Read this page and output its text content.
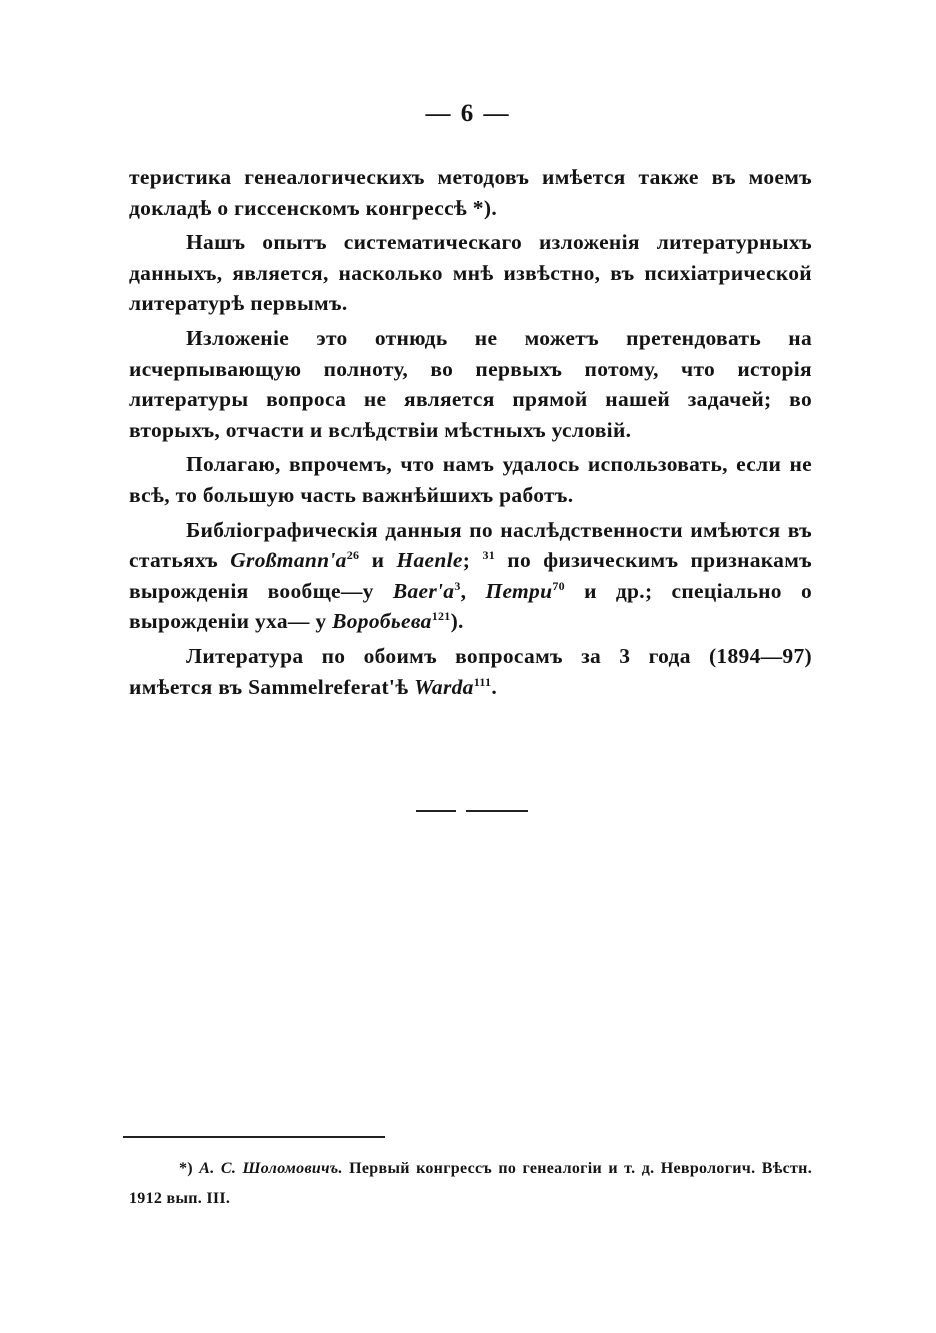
— 6 —

теристика генеалогическихъ методовъ имѣется также въ моемъ докладѣ о гиссенскомъ конгрессѣ *).

Нашъ опытъ систематическаго изложенія литературныхъ данныхъ, является, насколько мнѣ извѣстно, въ психіатрической литературѣ первымъ.

Изложеніе это отнюдь не можетъ претендовать на исчерпывающую полноту, во первыхъ потому, что исторія литературы вопроса не является прямой нашей задачей; во вторыхъ, отчасти и вслѣдствіи мѣстныхъ условій.

Полагаю, впрочемъ, что намъ удалось использовать, если не всѣ, то большую часть важнѣйшихъ работъ.

Библіографическія данныя по наслѣдственности имѣются въ статьяхъ $Großmann'a^{26}$ и Haenle; $^{31}$ по физическимъ признакамъ вырожденія вообще—у $Baer'a^3$, Петри$^{70}$ и др.; спеціально о вырожденіи уха— у Воробьева$^{121}$).

Литература по обоимъ вопросамъ за 3 года (1894—97) имѣется въ Sammelreferat'ѣ Warda$^{111}$.

*) А. С. Шоломовичъ. Первый конгрессъ по генеалогіи и т. д. Неврологич. Вѣстн. 1912 вып. III.
